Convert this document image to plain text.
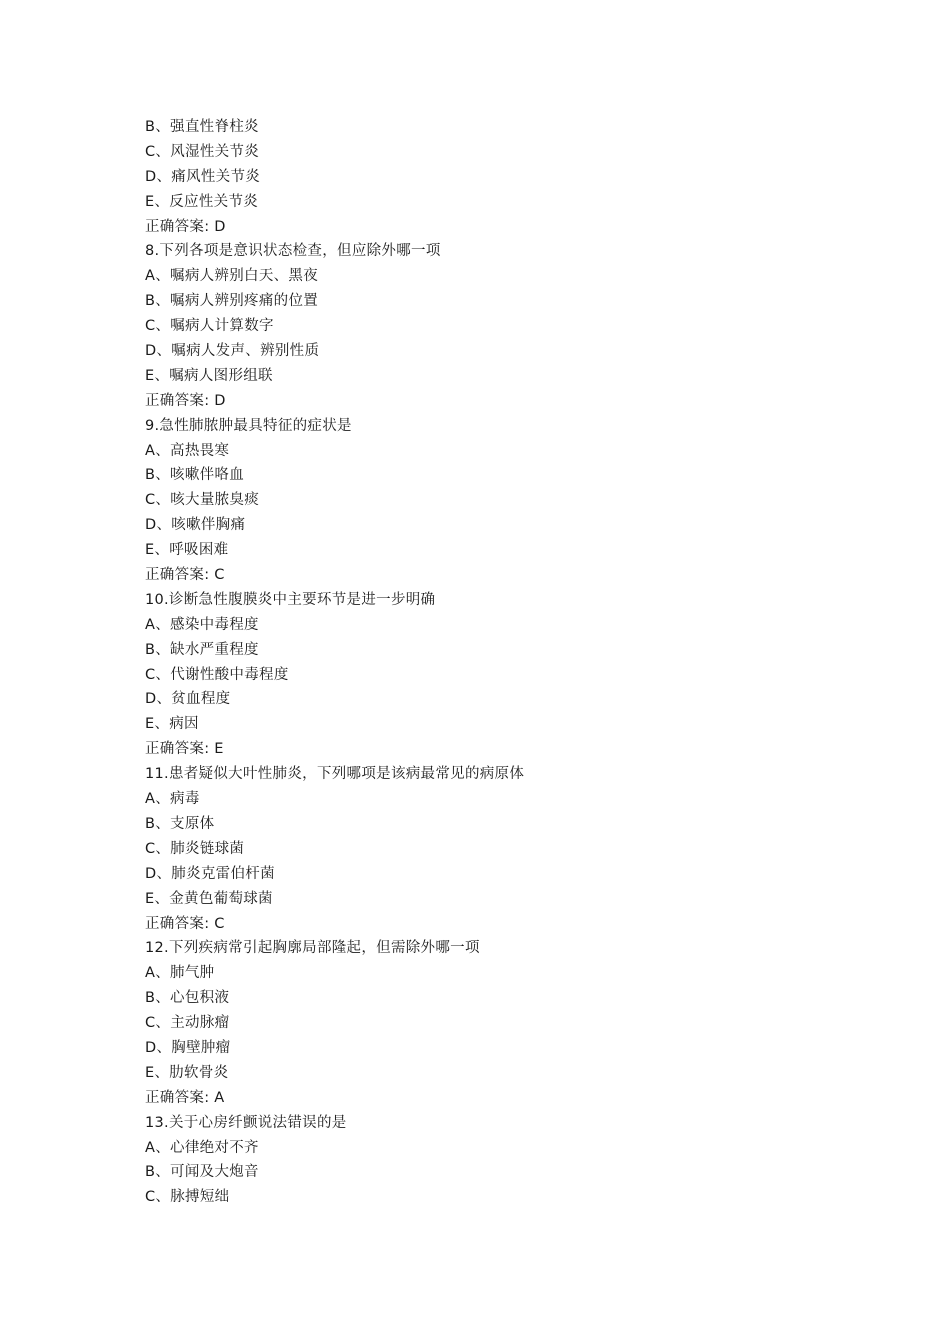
B、强直性脊柱炎
C、风湿性关节炎
D、痛风性关节炎
E、反应性关节炎
正确答案: D
8.下列各项是意识状态检查，但应除外哪一项
A、嘱病人辨别白天、黑夜
B、嘱病人辨别疼痛的位置
C、嘱病人计算数字
D、嘱病人发声、辨别性质
E、嘱病人图形组联
正确答案: D
9.急性肺脓肿最具特征的症状是
A、高热畏寒
B、咳嗽伴咯血
C、咳大量脓臭痰
D、咳嗽伴胸痛
E、呼吸困难
正确答案: C
10.诊断急性腹膜炎中主要环节是进一步明确
A、感染中毒程度
B、缺水严重程度
C、代谢性酸中毒程度
D、贫血程度
E、病因
正确答案: E
11.患者疑似大叶性肺炎，下列哪项是该病最常见的病原体
A、病毒
B、支原体
C、肺炎链球菌
D、肺炎克雷伯杆菌
E、金黄色葡萄球菌
正确答案: C
12.下列疾病常引起胸廓局部隆起，但需除外哪一项
A、肺气肿
B、心包积液
C、主动脉瘤
D、胸壁肿瘤
E、肋软骨炎
正确答案: A
13.关于心房纤颤说法错误的是
A、心律绝对不齐
B、可闻及大炮音
C、脉搏短绌
